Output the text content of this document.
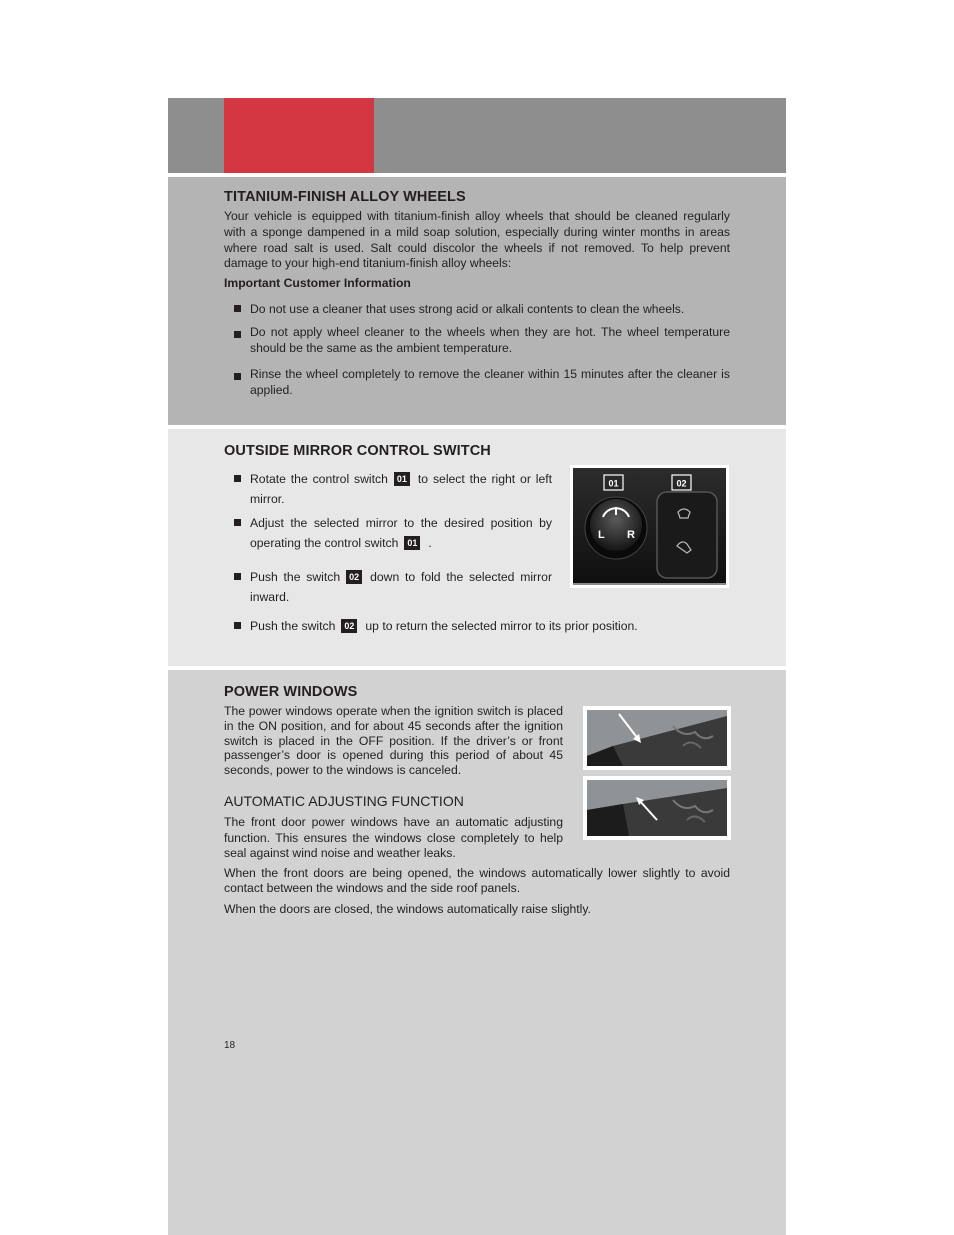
TITANIUM-FINISH ALLOY WHEELS

Your vehicle is equipped with titanium-finish alloy wheels that should be cleaned regularly with a sponge dampened in a mild soap solution, especially during winter months in areas where road salt is used. Salt could discolor the wheels if not removed. To help prevent damage to your high-end titanium-finish alloy wheels:

Important Customer Information

Do not use a cleaner that uses strong acid or alkali contents to clean the wheels.
Do not apply wheel cleaner to the wheels when they are hot. The wheel temperature should be the same as the ambient temperature.
Rinse the wheel completely to remove the cleaner within 15 minutes after the cleaner is applied.
OUTSIDE MIRROR CONTROL SWITCH
Rotate the control switch 01 to select the right or left mirror.
Adjust the selected mirror to the desired position by operating the control switch 01 .
Push the switch 02 down to fold the selected mirror inward.
Push the switch 02 up to return the selected mirror to its prior position.
01	02
L R
POWER WINDOWS

The power windows operate when the ignition switch is placed in the ON position, and for about 45 seconds after the ignition switch is placed in the OFF position. If the driver’s or front passenger’s door is opened during this period of about 45 seconds, power to the windows is canceled.

AUTOMATIC ADJUSTING FUNCTION

The front door power windows have an automatic adjusting function. This ensures the windows close completely to help seal against wind noise and weather leaks.

When the front doors are being opened, the windows automatically lower slightly to avoid contact between the windows and the side roof panels.

When the doors are closed, the windows automatically raise slightly.

18
